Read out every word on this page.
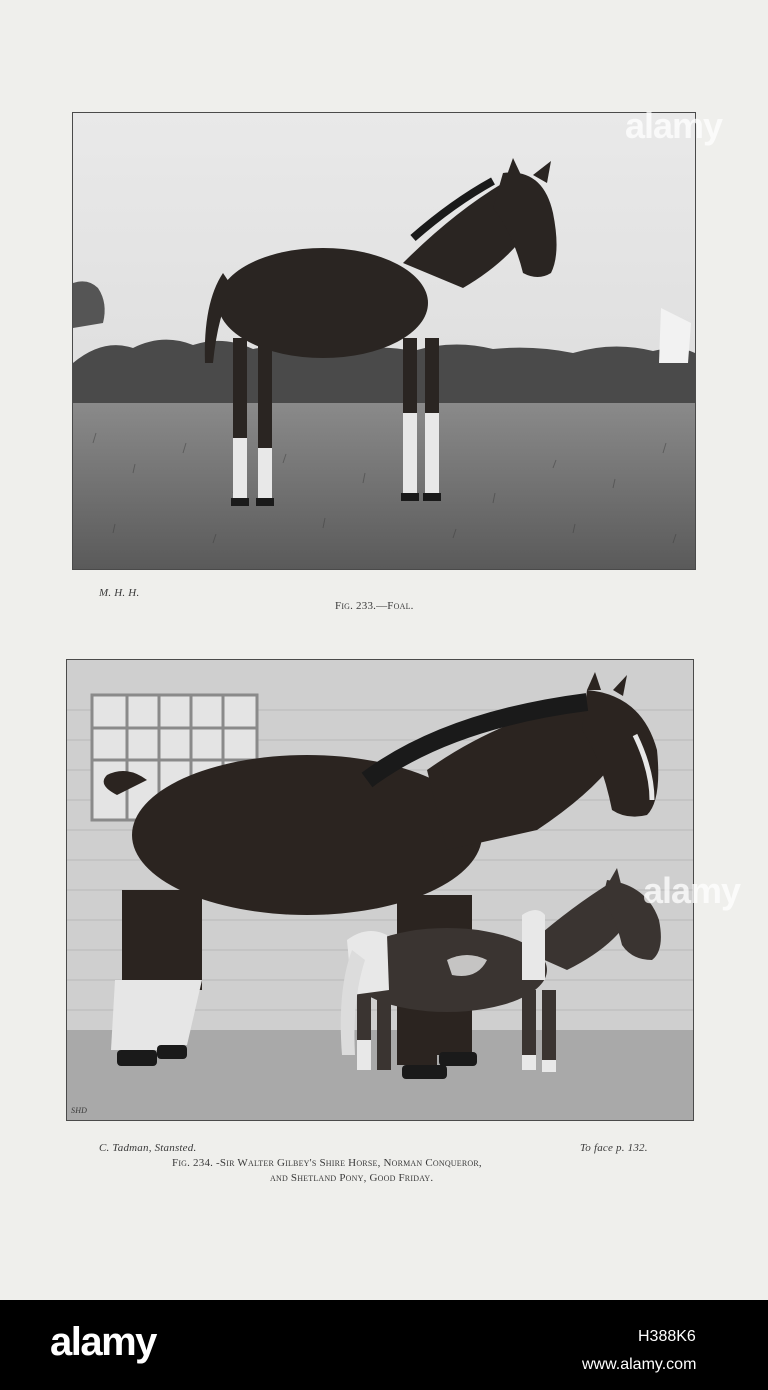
alamy
M. H. H.
Fig. 233.—Foal.
alamy
SHD
C. Tadman, Stansted.	To face p. 132.
Fig. 234. -Sir Walter Gilbey's Shire Horse, Norman Conqueror,
and Shetland Pony, Good Friday.
alamy	H388K6
www.alamy.com
